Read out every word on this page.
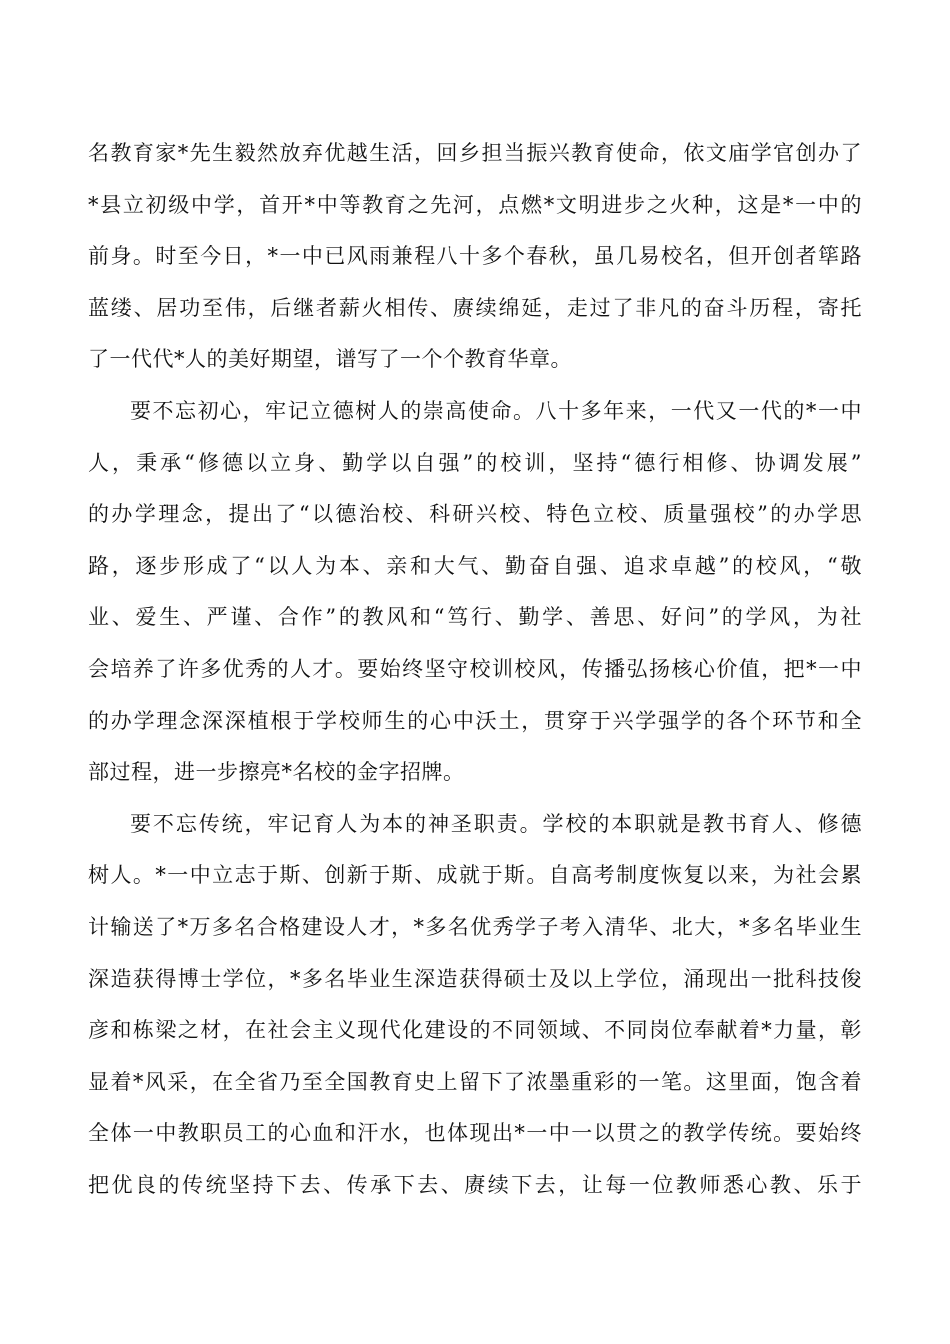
名教育家*先生毅然放弃优越生活，回乡担当振兴教育使命，依文庙学官创办了
*县立初级中学，首开*中等教育之先河，点燃*文明进步之火种，这是*一中的
前身。时至今日，*一中已风雨兼程八十多个春秋，虽几易校名，但开创者筚路
蓝缕、居功至伟，后继者薪火相传、赓续绵延，走过了非凡的奋斗历程，寄托
了一代代*人的美好期望，谱写了一个个教育华章。
要不忘初心，牢记立德树人的崇高使命。八十多年来，一代又一代的*一中
人，秉承“修德以立身、勤学以自强”的校训，坚持“德行相修、协调发展”
的办学理念，提出了“以德治校、科研兴校、特色立校、质量强校”的办学思
路，逐步形成了“以人为本、亲和大气、勤奋自强、追求卓越”的校风，“敬
业、爱生、严谨、合作”的教风和“笃行、勤学、善思、好问”的学风，为社
会培养了许多优秀的人才。要始终坚守校训校风，传播弘扬核心价值，把*一中
的办学理念深深植根于学校师生的心中沃土，贯穿于兴学强学的各个环节和全
部过程，进一步擦亮*名校的金字招牌。
要不忘传统，牢记育人为本的神圣职责。学校的本职就是教书育人、修德
树人。*一中立志于斯、创新于斯、成就于斯。自高考制度恢复以来，为社会累
计输送了*万多名合格建设人才，*多名优秀学子考入清华、北大，*多名毕业生
深造获得博士学位，*多名毕业生深造获得硕士及以上学位，涌现出一批科技俊
彦和栋梁之材，在社会主义现代化建设的不同领域、不同岗位奉献着*力量，彰
显着*风采，在全省乃至全国教育史上留下了浓墨重彩的一笔。这里面，饱含着
全体一中教职员工的心血和汗水，也体现出*一中一以贯之的教学传统。要始终
把优良的传统坚持下去、传承下去、赓续下去，让每一位教师悉心教、乐于
